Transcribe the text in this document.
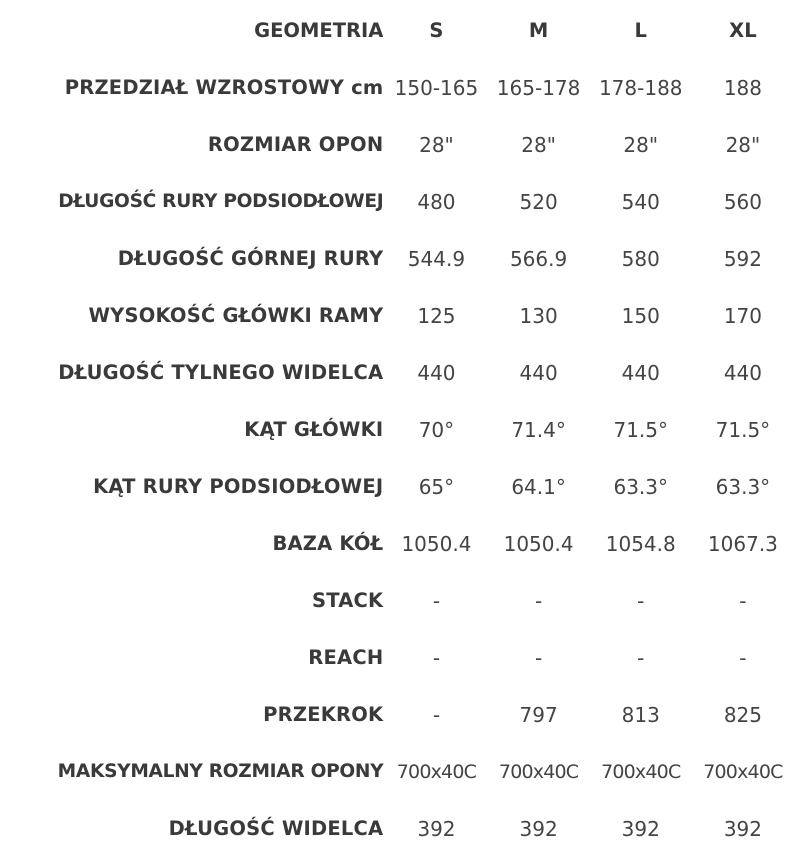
GEOMETRIA	S	M	L	XL
PRZEDZIAŁ WZROSTOWY cm	150-165	165-178	178-188	188
ROZMIAR OPON	28"	28"	28"	28"
DŁUGOŚĆ RURY PODSIODŁOWEJ	480	520	540	560
DŁUGOŚĆ GÓRNEJ RURY	544.9	566.9	580	592
WYSOKOŚĆ GŁÓWKI RAMY	125	130	150	170
DŁUGOŚĆ TYLNEGO WIDELCA	440	440	440	440
KĄT GŁÓWKI	70°	71.4°	71.5°	71.5°
KĄT RURY PODSIODŁOWEJ	65°	64.1°	63.3°	63.3°
BAZA KÓŁ	1050.4	1050.4	1054.8	1067.3
STACK	-	-	-	-
REACH	-	-	-	-
PRZEKROK	-	797	813	825
MAKSYMALNY ROZMIAR OPONY	700x40C	700x40C	700x40C	700x40C
DŁUGOŚĆ WIDELCA	392	392	392	392
